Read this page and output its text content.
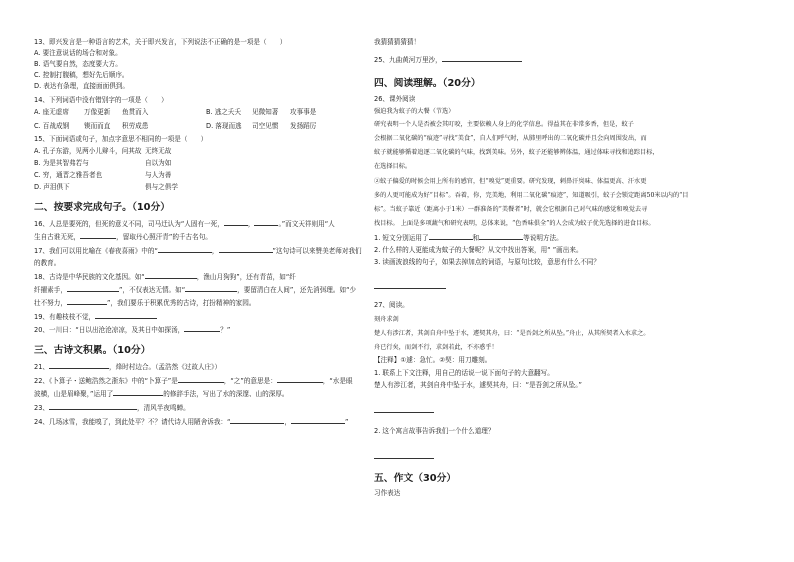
13、即兴发言是一种语言的艺术，关于即兴发言，下列说法不正确的是一项是（　　）
A. 要注意说话的场合和对象。
B. 语气要自然，态度要大方。
C. 控制打腹稿，想好先后顺序。
D. 表达有条理，直接面面俱到。
14、下列词语中没有错别字的一项是（　　）
A. 座无虚席	万像更新	鱼贯而入	B. 逃之夭夭	见微知著	攻事事是
C. 百战成钢	锲而而直	积劳成患	D. 落现而逃	司空见惯	发扬蹈厉
15、下面词语或句子，加点字意思不相同的一项是（　　）
A. 孔子东游，见两小儿辩斗，问其故 无终无故
B. 为是其智弗若与	自以为如
C. 穷，通晋之雅吾者也	与人为善
D. 声泪俱下	俱与之俱学
二、按要求完成句子。（10分）
16、人总是要死的，但死的意义不同，司马迁认为“人固有一死，	，	。”而文天祥则用“人
生自古谁无死，	，留取丹心照汗青”的千古名句。
17、我们可以用比喻在《春夜喜雨》中的“	，	”这句诗可以来赞美老师对我们
的教育。
18、古诗是中华民族的文化基因。如“	，渔山月狗狗”，还有青苗，如“纤
纤擢素手，	”，不仅表达无情。如“	，要留清白在人间”，还先消弭理。如“少
壮不努力，	”，我们要乐于积累优秀的古诗，打扮精神的家园。
19、有趣枝枝不觉，
20、一川曰：“日以出沧沧凉凉，及其日中如探汤，	？”
三、古诗文积累。（10分）
21、	，烽时村边合。（孟浩然《过故人庄》）
22、《卜算子・送鲍浩然之浙东》中的“卜算子”是	，“之”的意思是：	，“水是眼
波横，山是眉峰聚，”运用了	的修辞手法，写出了水的深邃、山的深厚。
23、	，清风半夜鸣蝉。
24、几场冰雪，我能嗅了，到此处平？不？请代诗人用陋舍诉我：“	，	”
我猜猜猜猜猜！
25、九曲黄河万里沙，
四、阅读理解。（20分）
26、课外阅读
强迫我为蚊子的大餐（节选）
研究表明一个人是否被会其叮咬，主要依赖人身上的化学信息。得益其在非常多香，但是，蚊子
会根据二氧化碳的“痕迹”寻找“美食”，自人们呼气时，从肺里呼出的二氧化碳并且会向周围发出，而
蚊子就能够循着追逐二氧化碳的气味，找到美味。另外，蚊子还能够辨体温，通过体味寻找和追踪目标，
在选择目标。
②蚊子偏爱的时候会用上所有的感官，但“嗅觉”更重要。研究发现，刺鼻汗臭味、体温更高、汗水更
多的人更可能成为好“目标”。吞着，你，完美地，利用二氧化碳“痕迹”，知道吸引，蚊子会锁定距离50米以内的“目
标”。当蚊子靠近（距离小于1米）一群准备的“美餐者”时，就会它根据自己对气味的感觉和嗅觉去寻
找目标。 上面是多项蔬气和研究表明，总体来说，“色香味俱全”的人会成为蚊子优先选择的进食目标。
1. 短文分别运用了	和	等说明方法。
2. 什么样的人更能成为蚊子的大餐呢？从文中找出答案，用“ ”画出来。
3. 读画波浪线的句子，如果去掉加点的词语，与原句比较，意思有什么不同？
27、阅读。
刻舟求剑
楚人有涉江者，其剑自舟中坠于水，遽契其舟，曰：“是吾剑之所从坠。”舟止，从其所契者入水求之。
舟已行矣，而剑不行，求剑若此，不亦惑乎！
【注释】①遽：急忙。②契：用刀雕刻。
1. 联系上下文注释，用自己的话说一说下面句子的大意翻写。
楚人有涉江者，其剑自舟中坠于水，遽契其舟，曰：“是吾剑之所从坠。”
2. 这个寓言故事告诉我们一个什么道理？
五、作文（30分）
习作表达
